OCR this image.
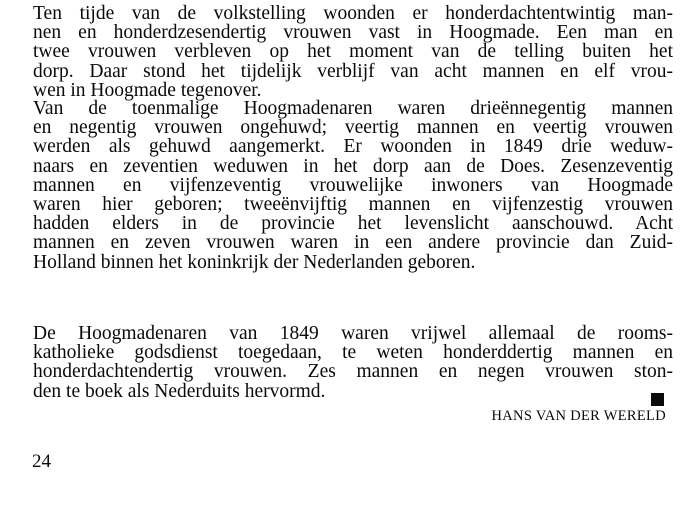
Ten tijde van de volkstelling woonden er honderdachtentwintig man-
nen en honderdzesendertig vrouwen vast in Hoogmade. Een man en
twee vrouwen verbleven op het moment van de telling buiten het
dorp. Daar stond het tijdelijk verblijf van acht mannen en elf vrou-
wen in Hoogmade tegenover.
Van de toenmalige Hoogmadenaren waren drieënnegentig mannen
en negentig vrouwen ongehuwd; veertig mannen en veertig vrouwen
werden als gehuwd aangemerkt. Er woonden in 1849 drie weduw-
naars en zeventien weduwen in het dorp aan de Does. Zesenzeventig
mannen en vijfenzeventig vrouwelijke inwoners van Hoogmade
waren hier geboren; tweeënvijftig mannen en vijfenzestig vrouwen
hadden elders in de provincie het levenslicht aanschouwd. Acht
mannen en zeven vrouwen waren in een andere provincie dan Zuid-
Holland binnen het koninkrijk der Nederlanden geboren.
De Hoogmadenaren van 1849 waren vrijwel allemaal de rooms-
katholieke godsdienst toegedaan, te weten honderddertig mannen en
honderdachtendertig vrouwen. Zes mannen en negen vrouwen ston-
den te boek als Nederduits hervormd.
HANS VAN DER WERELD
24
